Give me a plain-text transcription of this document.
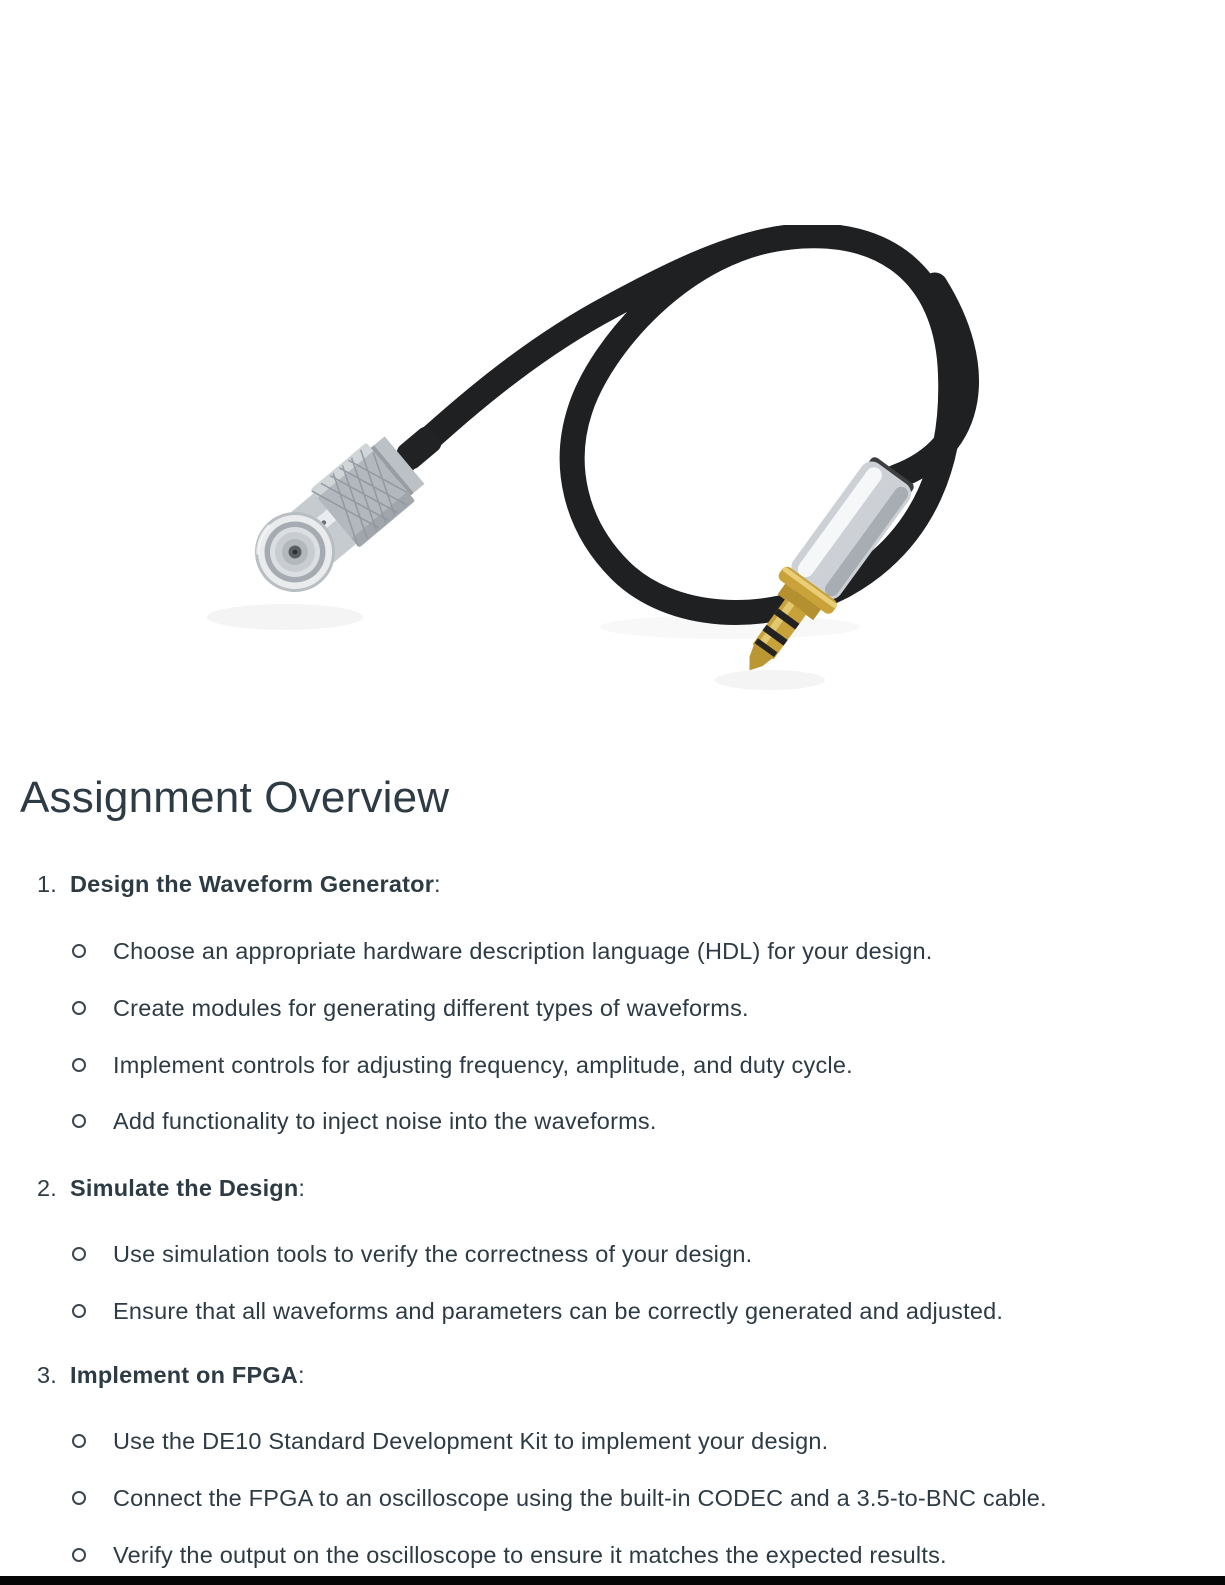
Assignment Overview
1. Design the Waveform Generator:
Choose an appropriate hardware description language (HDL) for your design.
Create modules for generating different types of waveforms.
Implement controls for adjusting frequency, amplitude, and duty cycle.
Add functionality to inject noise into the waveforms.
2. Simulate the Design:
Use simulation tools to verify the correctness of your design.
Ensure that all waveforms and parameters can be correctly generated and adjusted.
3. Implement on FPGA:
Use the DE10 Standard Development Kit to implement your design.
Connect the FPGA to an oscilloscope using the built-in CODEC and a 3.5-to-BNC cable.
Verify the output on the oscilloscope to ensure it matches the expected results.
